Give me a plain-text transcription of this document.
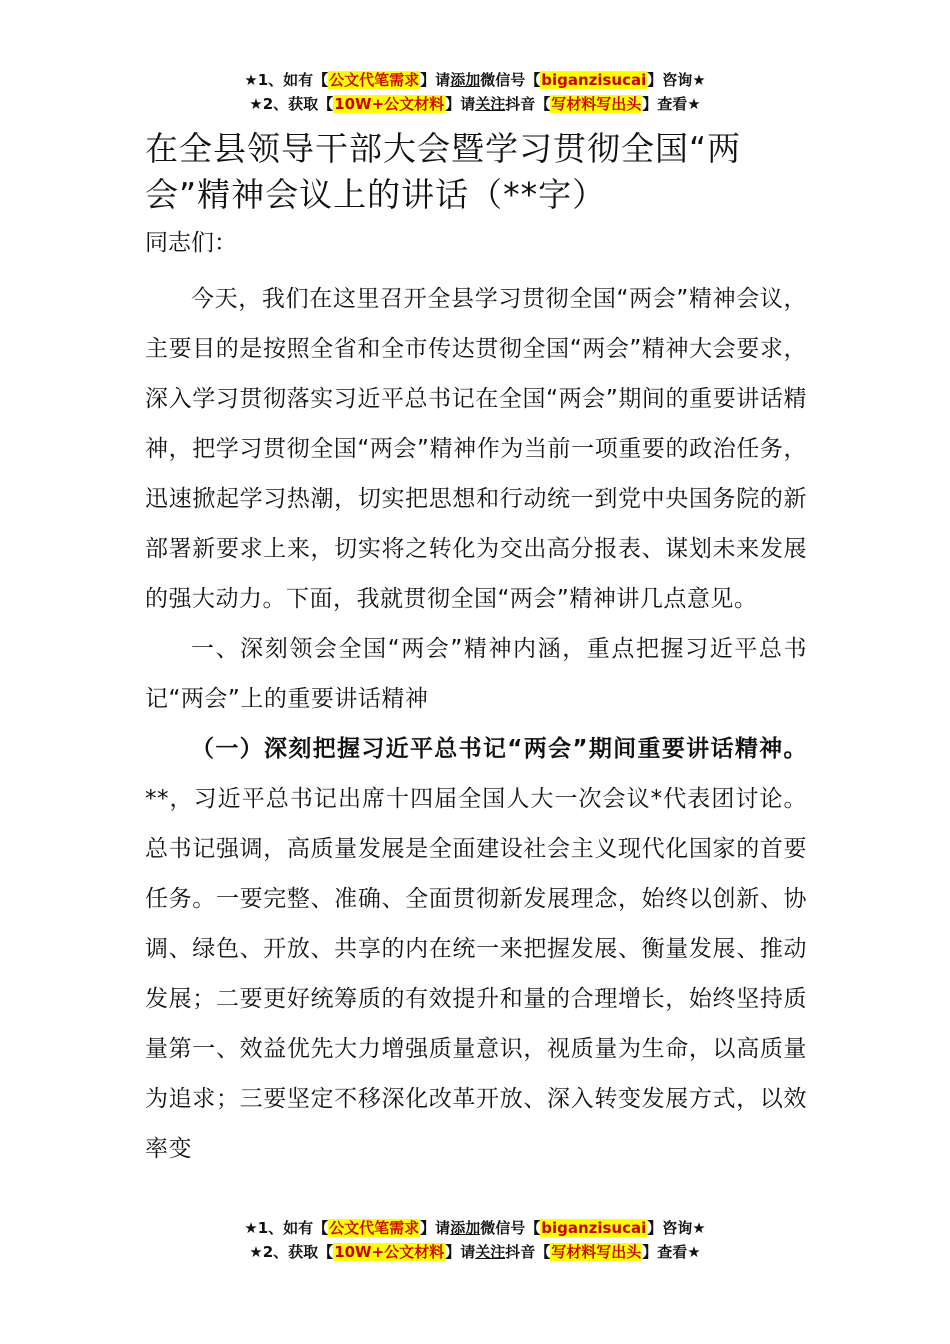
★1、如有【公文代笔需求】请添加微信号【biganzisucai】咨询★
★2、获取【10W+公文材料】请关注抖音【写材料写出头】查看★
在全县领导干部大会暨学习贯彻全国“两会”精神会议上的讲话（**字）

同志们：

今天，我们在这里召开全县学习贯彻全国“两会”精神会议，主要目的是按照全省和全市传达贯彻全国“两会”精神大会要求，深入学习贯彻落实习近平总书记在全国“两会”期间的重要讲话精神，把学习贯彻全国“两会”精神作为当前一项重要的政治任务，迅速掀起学习热潮，切实把思想和行动统一到党中央国务院的新部署新要求上来，切实将之转化为交出高分报表、谋划未来发展的强大动力。下面，我就贯彻全国“两会”精神讲几点意见。

一、深刻领会全国“两会”精神内涵，重点把握习近平总书记“两会”上的重要讲话精神

（一）深刻把握习近平总书记“两会”期间重要讲话精神。**，习近平总书记出席十四届全国人大一次会议*代表团讨论。总书记强调，高质量发展是全面建设社会主义现代化国家的首要任务。一要完整、准确、全面贯彻新发展理念，始终以创新、协调、绿色、开放、共享的内在统一来把握发展、衡量发展、推动发展；二要更好统筹质的有效提升和量的合理增长，始终坚持质量第一、效益优先大力增强质量意识，视质量为生命，以高质量为追求；三要坚定不移深化改革开放、深入转变发展方式，以效率变

★1、如有【公文代笔需求】请添加微信号【biganzisucai】咨询★
★2、获取【10W+公文材料】请关注抖音【写材料写出头】查看★
